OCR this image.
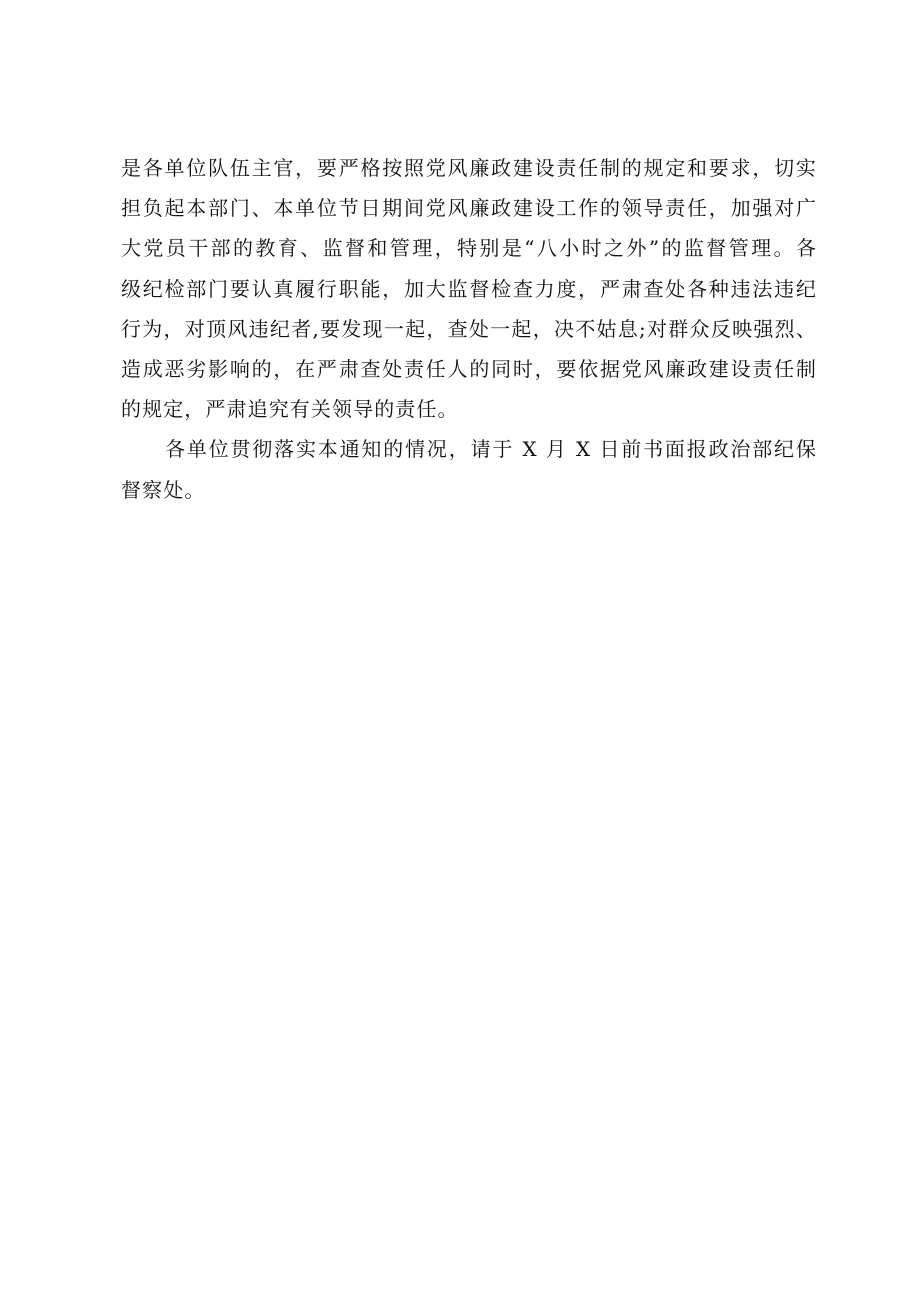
是各单位队伍主官，要严格按照党风廉政建设责任制的规定和要求，切实
担负起本部门、本单位节日期间党风廉政建设工作的领导责任，加强对广
大党员干部的教育、监督和管理，特别是“八小时之外”的监督管理。各
级纪检部门要认真履行职能，加大监督检查力度，严肃查处各种违法违纪
行为，对顶风违纪者,要发现一起，查处一起，决不姑息;对群众反映强烈、
造成恶劣影响的，在严肃查处责任人的同时，要依据党风廉政建设责任制
的规定，严肃追究有关领导的责任。

各单位贯彻落实本通知的情况，请于 X 月 X 日前书面报政治部纪保
督察处。
